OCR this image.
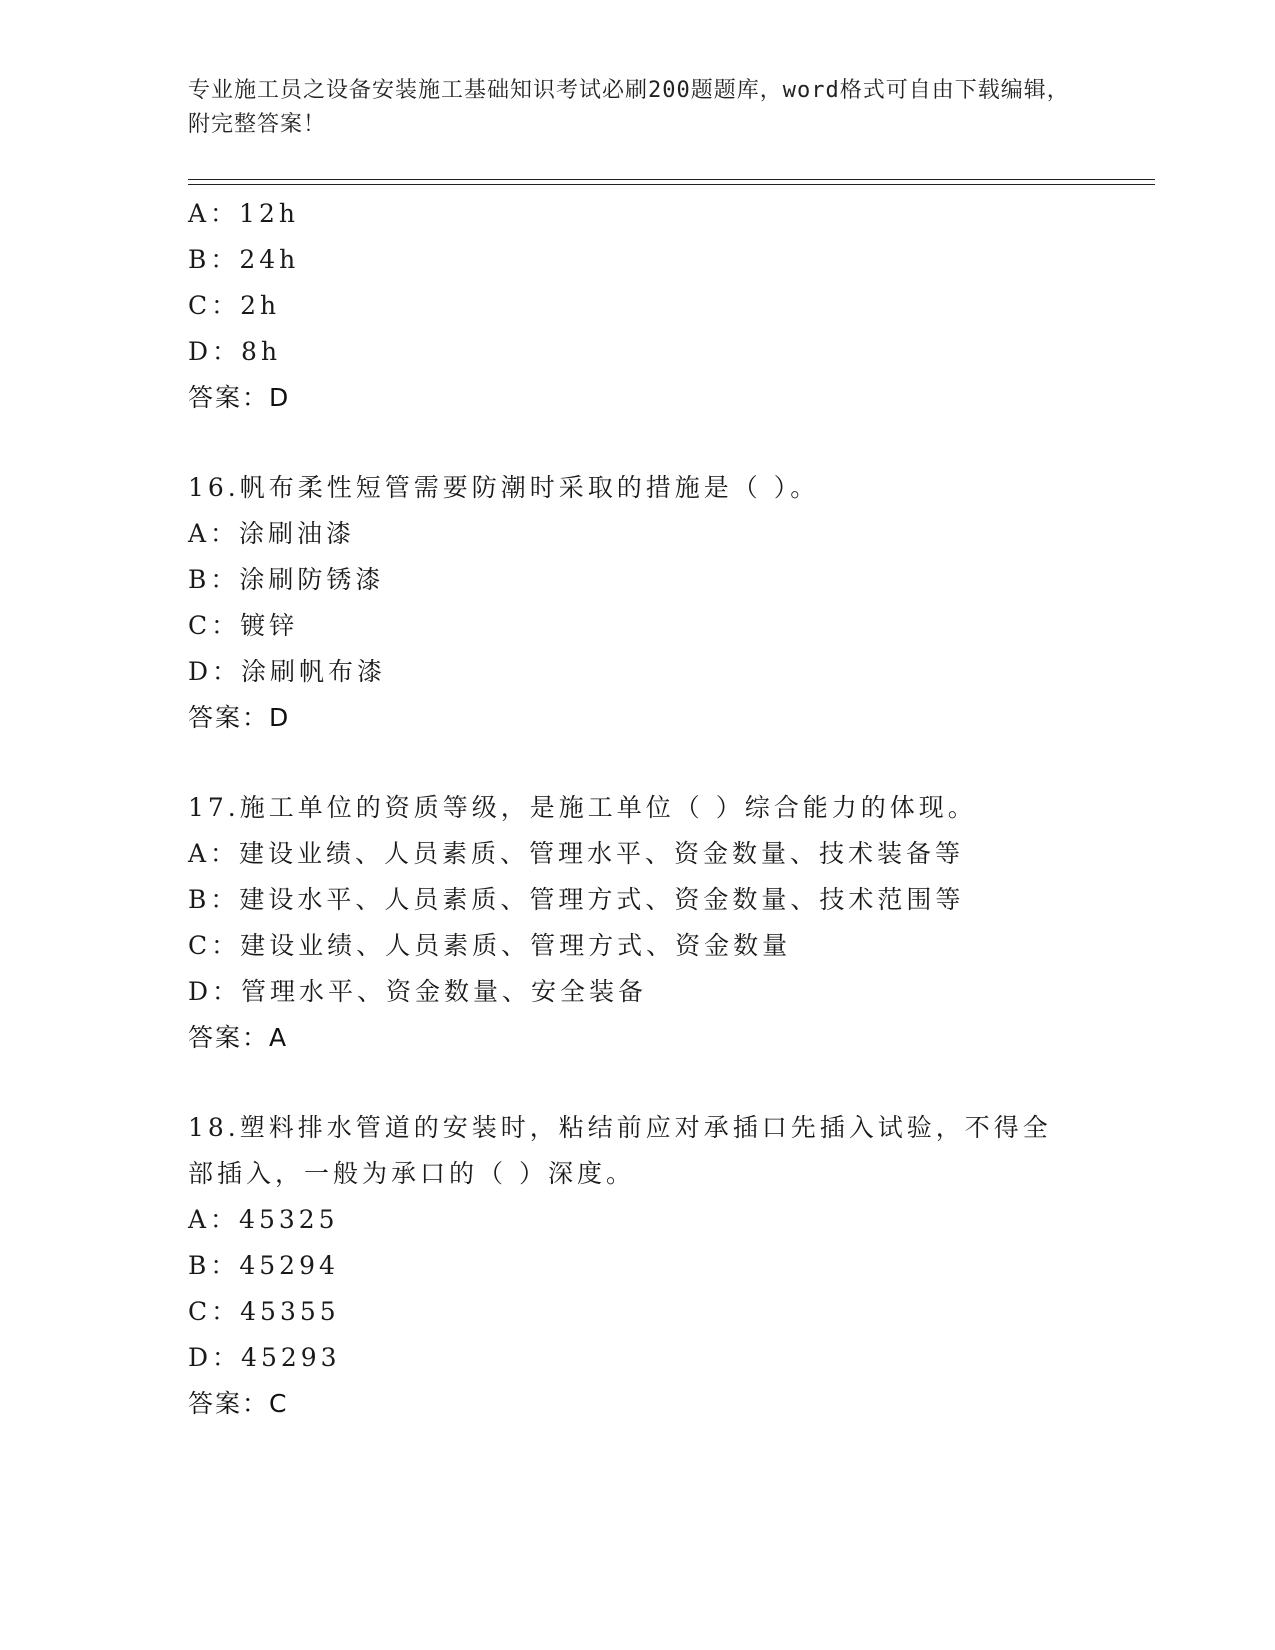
专业施工员之设备安装施工基础知识考试必刷200题题库，word格式可自由下载编辑，附完整答案！
A：12h
B：24h
C：2h
D：8h
答案：D
16.帆布柔性短管需要防潮时采取的措施是（ ）。
A：涂刷油漆
B：涂刷防锈漆
C：镀锌
D：涂刷帆布漆
答案：D
17.施工单位的资质等级，是施工单位（ ）综合能力的体现。
A：建设业绩、人员素质、管理水平、资金数量、技术装备等
B：建设水平、人员素质、管理方式、资金数量、技术范围等
C：建设业绩、人员素质、管理方式、资金数量
D：管理水平、资金数量、安全装备
答案：A
18.塑料排水管道的安装时，粘结前应对承插口先插入试验，不得全部插入，一般为承口的（ ）深度。
A：45325
B：45294
C：45355
D：45293
答案：C
